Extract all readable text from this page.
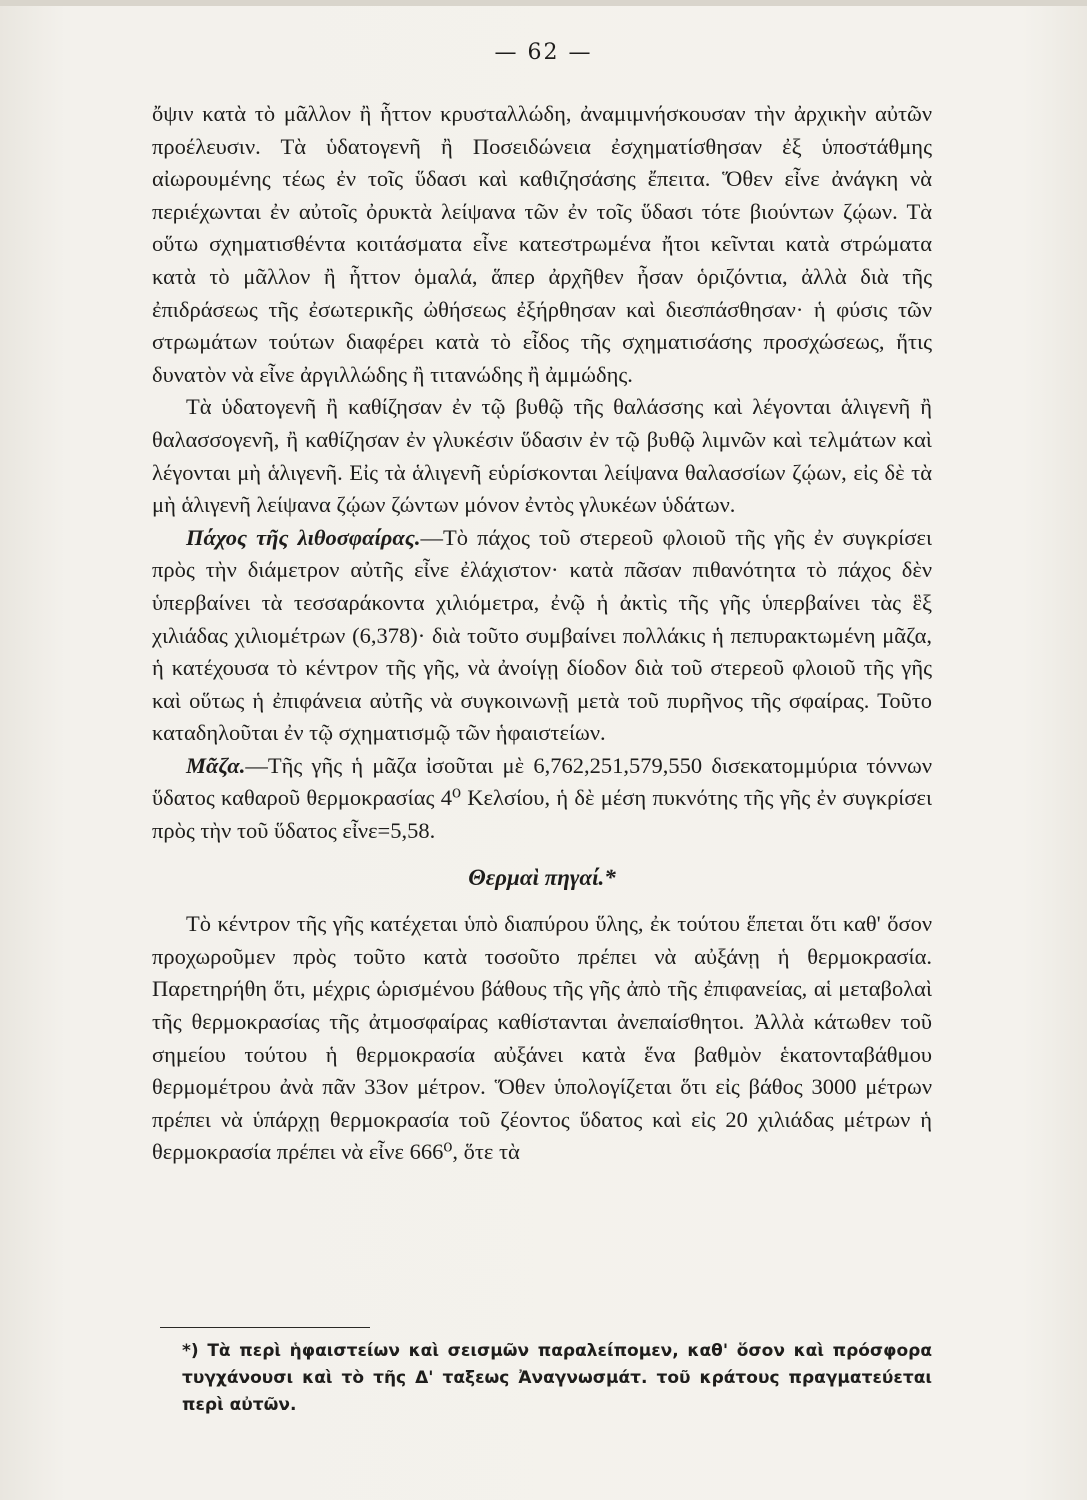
— 62 —

ὄψιν κατὰ τὸ μᾶλλον ἢ ἧττον κρυσταλλώδη, ἀναμιμνήσκουσαν τὴν ἀρχικὴν αὐτῶν προέλευσιν. Τὰ ὑδατογενῆ ἢ Ποσειδώνεια ἐσχηματίσθησαν ἐξ ὑποστάθμης αἰωρουμένης τέως ἐν τοῖς ὕδασι καὶ καθιζησάσης ἔπειτα. Ὅθεν εἶνε ἀνάγκη νὰ περιέχωνται ἐν αὐτοῖς ὀρυκτὰ λείψανα τῶν ἐν τοῖς ὕδασι τότε βιούντων ζῴων. Τὰ οὕτω σχηματισθέντα κοιτάσματα εἶνε κατεστρωμένα ἤτοι κεῖνται κατὰ στρώματα κατὰ τὸ μᾶλλον ἢ ἧττον ὁμαλά, ἅπερ ἀρχῆθεν ἦσαν ὁριζόντια, ἀλλὰ διὰ τῆς ἐπιδράσεως τῆς ἐσωτερικῆς ὠθήσεως ἐξήρθησαν καὶ διεσπάσθησαν· ἡ φύσις τῶν στρωμάτων τούτων διαφέρει κατὰ τὸ εἶδος τῆς σχηματισάσης προσχώσεως, ἥτις δυνατὸν νὰ εἶνε ἀργιλλώδης ἢ τιτανώδης ἢ ἀμμώδης.

Τὰ ὑδατογενῆ ἢ καθίζησαν ἐν τῷ βυθῷ τῆς θαλάσσης καὶ λέγονται ἁλιγενῆ ἢ θαλασσογενῆ, ἢ καθίζησαν ἐν γλυκέσιν ὕδασιν ἐν τῷ βυθῷ λιμνῶν καὶ τελμάτων καὶ λέγονται μὴ ἁλιγενῆ. Εἰς τὰ ἁλιγενῆ εὑρίσκονται λείψανα θαλασσίων ζῴων, εἰς δὲ τὰ μὴ ἁλιγενῆ λείψανα ζῴων ζώντων μόνον ἐντὸς γλυκέων ὑδάτων.

Πάχος τῆς λιθοσφαίρας.—Τὸ πάχος τοῦ στερεοῦ φλοιοῦ τῆς γῆς ἐν συγκρίσει πρὸς τὴν διάμετρον αὐτῆς εἶνε ἐλάχιστον· κατὰ πᾶσαν πιθανότητα τὸ πάχος δὲν ὑπερβαίνει τὰ τεσσαράκοντα χιλιόμετρα, ἐνῷ ἡ ἀκτὶς τῆς γῆς ὑπερβαίνει τὰς ἓξ χιλιάδας χιλιομέτρων (6,378)· διὰ τοῦτο συμβαίνει πολλάκις ἡ πεπυρακτωμένη μᾶζα, ἡ κατέχουσα τὸ κέντρον τῆς γῆς, νὰ ἀνοίγῃ δίοδον διὰ τοῦ στερεοῦ φλοιοῦ τῆς γῆς καὶ οὕτως ἡ ἐπιφάνεια αὐτῆς νὰ συγκοινωνῇ μετὰ τοῦ πυρῆνος τῆς σφαίρας. Τοῦτο καταδηλοῦται ἐν τῷ σχηματισμῷ τῶν ἡφαιστείων.

Μᾶζα.—Τῆς γῆς ἡ μᾶζα ἰσοῦται μὲ 6,762,251,579,550 δισεκατομμύρια τόννων ὕδατος καθαροῦ θερμοκρασίας 4⁰ Κελσίου, ἡ δὲ μέση πυκνότης τῆς γῆς ἐν συγκρίσει πρὸς τὴν τοῦ ὕδατος εἶνε=5,58.

Θερμαὶ πηγαί.*

Τὸ κέντρον τῆς γῆς κατέχεται ὑπὸ διαπύρου ὕλης, ἐκ τούτου ἕπεται ὅτι καθ' ὅσον προχωροῦμεν πρὸς τοῦτο κατὰ τοσοῦτο πρέπει νὰ αὐξάνῃ ἡ θερμοκρασία. Παρετηρήθη ὅτι, μέχρις ὡρισμένου βάθους τῆς γῆς ἀπὸ τῆς ἐπιφανείας, αἱ μεταβολαὶ τῆς θερμοκρασίας τῆς ἀτμοσφαίρας καθίστανται ἀνεπαίσθητοι. Ἀλλὰ κάτωθεν τοῦ σημείου τούτου ἡ θερμοκρασία αὐξάνει κατὰ ἕνα βαθμὸν ἑκατονταβάθμου θερμομέτρου ἀνὰ πᾶν 33ον μέτρον. Ὅθεν ὑπολογίζεται ὅτι εἰς βάθος 3000 μέτρων πρέπει νὰ ὑπάρχῃ θερμοκρασία τοῦ ζέοντος ὕδατος καὶ εἰς 20 χιλιάδας μέτρων ἡ θερμοκρασία πρέπει νὰ εἶνε 666⁰, ὅτε τὰ

*) Τὰ περὶ ἡφαιστείων καὶ σεισμῶν παραλείπομεν, καθ' ὅσον καὶ πρόσφορα τυγχάνουσι καὶ τὸ τῆς Δ' ταξεως Ἀναγνωσμάτ. τοῦ κράτους πραγματεύεται περὶ αὐτῶν.
